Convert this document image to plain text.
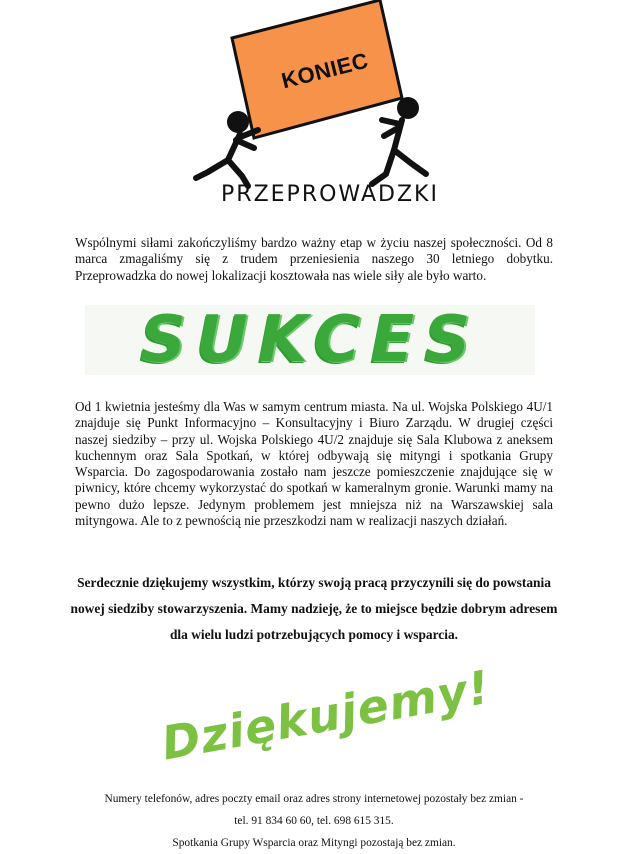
KONIEC
PRZEPROWADZKI

Wspólnymi siłami zakończyliśmy bardzo ważny etap w życiu naszej społeczności. Od 8 marca zmagaliśmy się z trudem przeniesienia naszego 30 letniego dobytku. Przeprowadzka do nowej lokalizacji kosztowała nas wiele siły ale było warto.

SUKCES

Od 1 kwietnia jesteśmy dla Was w samym centrum miasta. Na ul. Wojska Polskiego 4U/1 znajduje się Punkt Informacyjno – Konsultacyjny i Biuro Zarządu. W drugiej części naszej siedziby – przy ul. Wojska Polskiego 4U/2 znajduje się Sala Klubowa z aneksem kuchennym oraz Sala Spotkań, w której odbywają się mityngi i spotkania Grupy Wsparcia. Do zagospodarowania zostało nam jeszcze pomieszczenie znajdujące się w piwnicy, które chcemy wykorzystać do spotkań w kameralnym gronie. Warunki mamy na pewno dużo lepsze. Jedynym problemem jest mniejsza niż na Warszawskiej sala mityngowa. Ale to z pewnością nie przeszkodzi nam w realizacji naszych działań.

Serdecznie dziękujemy wszystkim, którzy swoją pracą przyczynili się do powstania nowej siedziby stowarzyszenia. Mamy nadzieję, że to miejsce będzie dobrym adresem dla wielu ludzi potrzebujących pomocy i wsparcia.

Dziękujemy!
Numery telefonów, adres poczty email oraz adres strony internetowej pozostały bez zmian -
tel. 91 834 60 60, tel. 698 615 315.
Spotkania Grupy Wsparcia oraz Mityngi pozostają bez zmian.
